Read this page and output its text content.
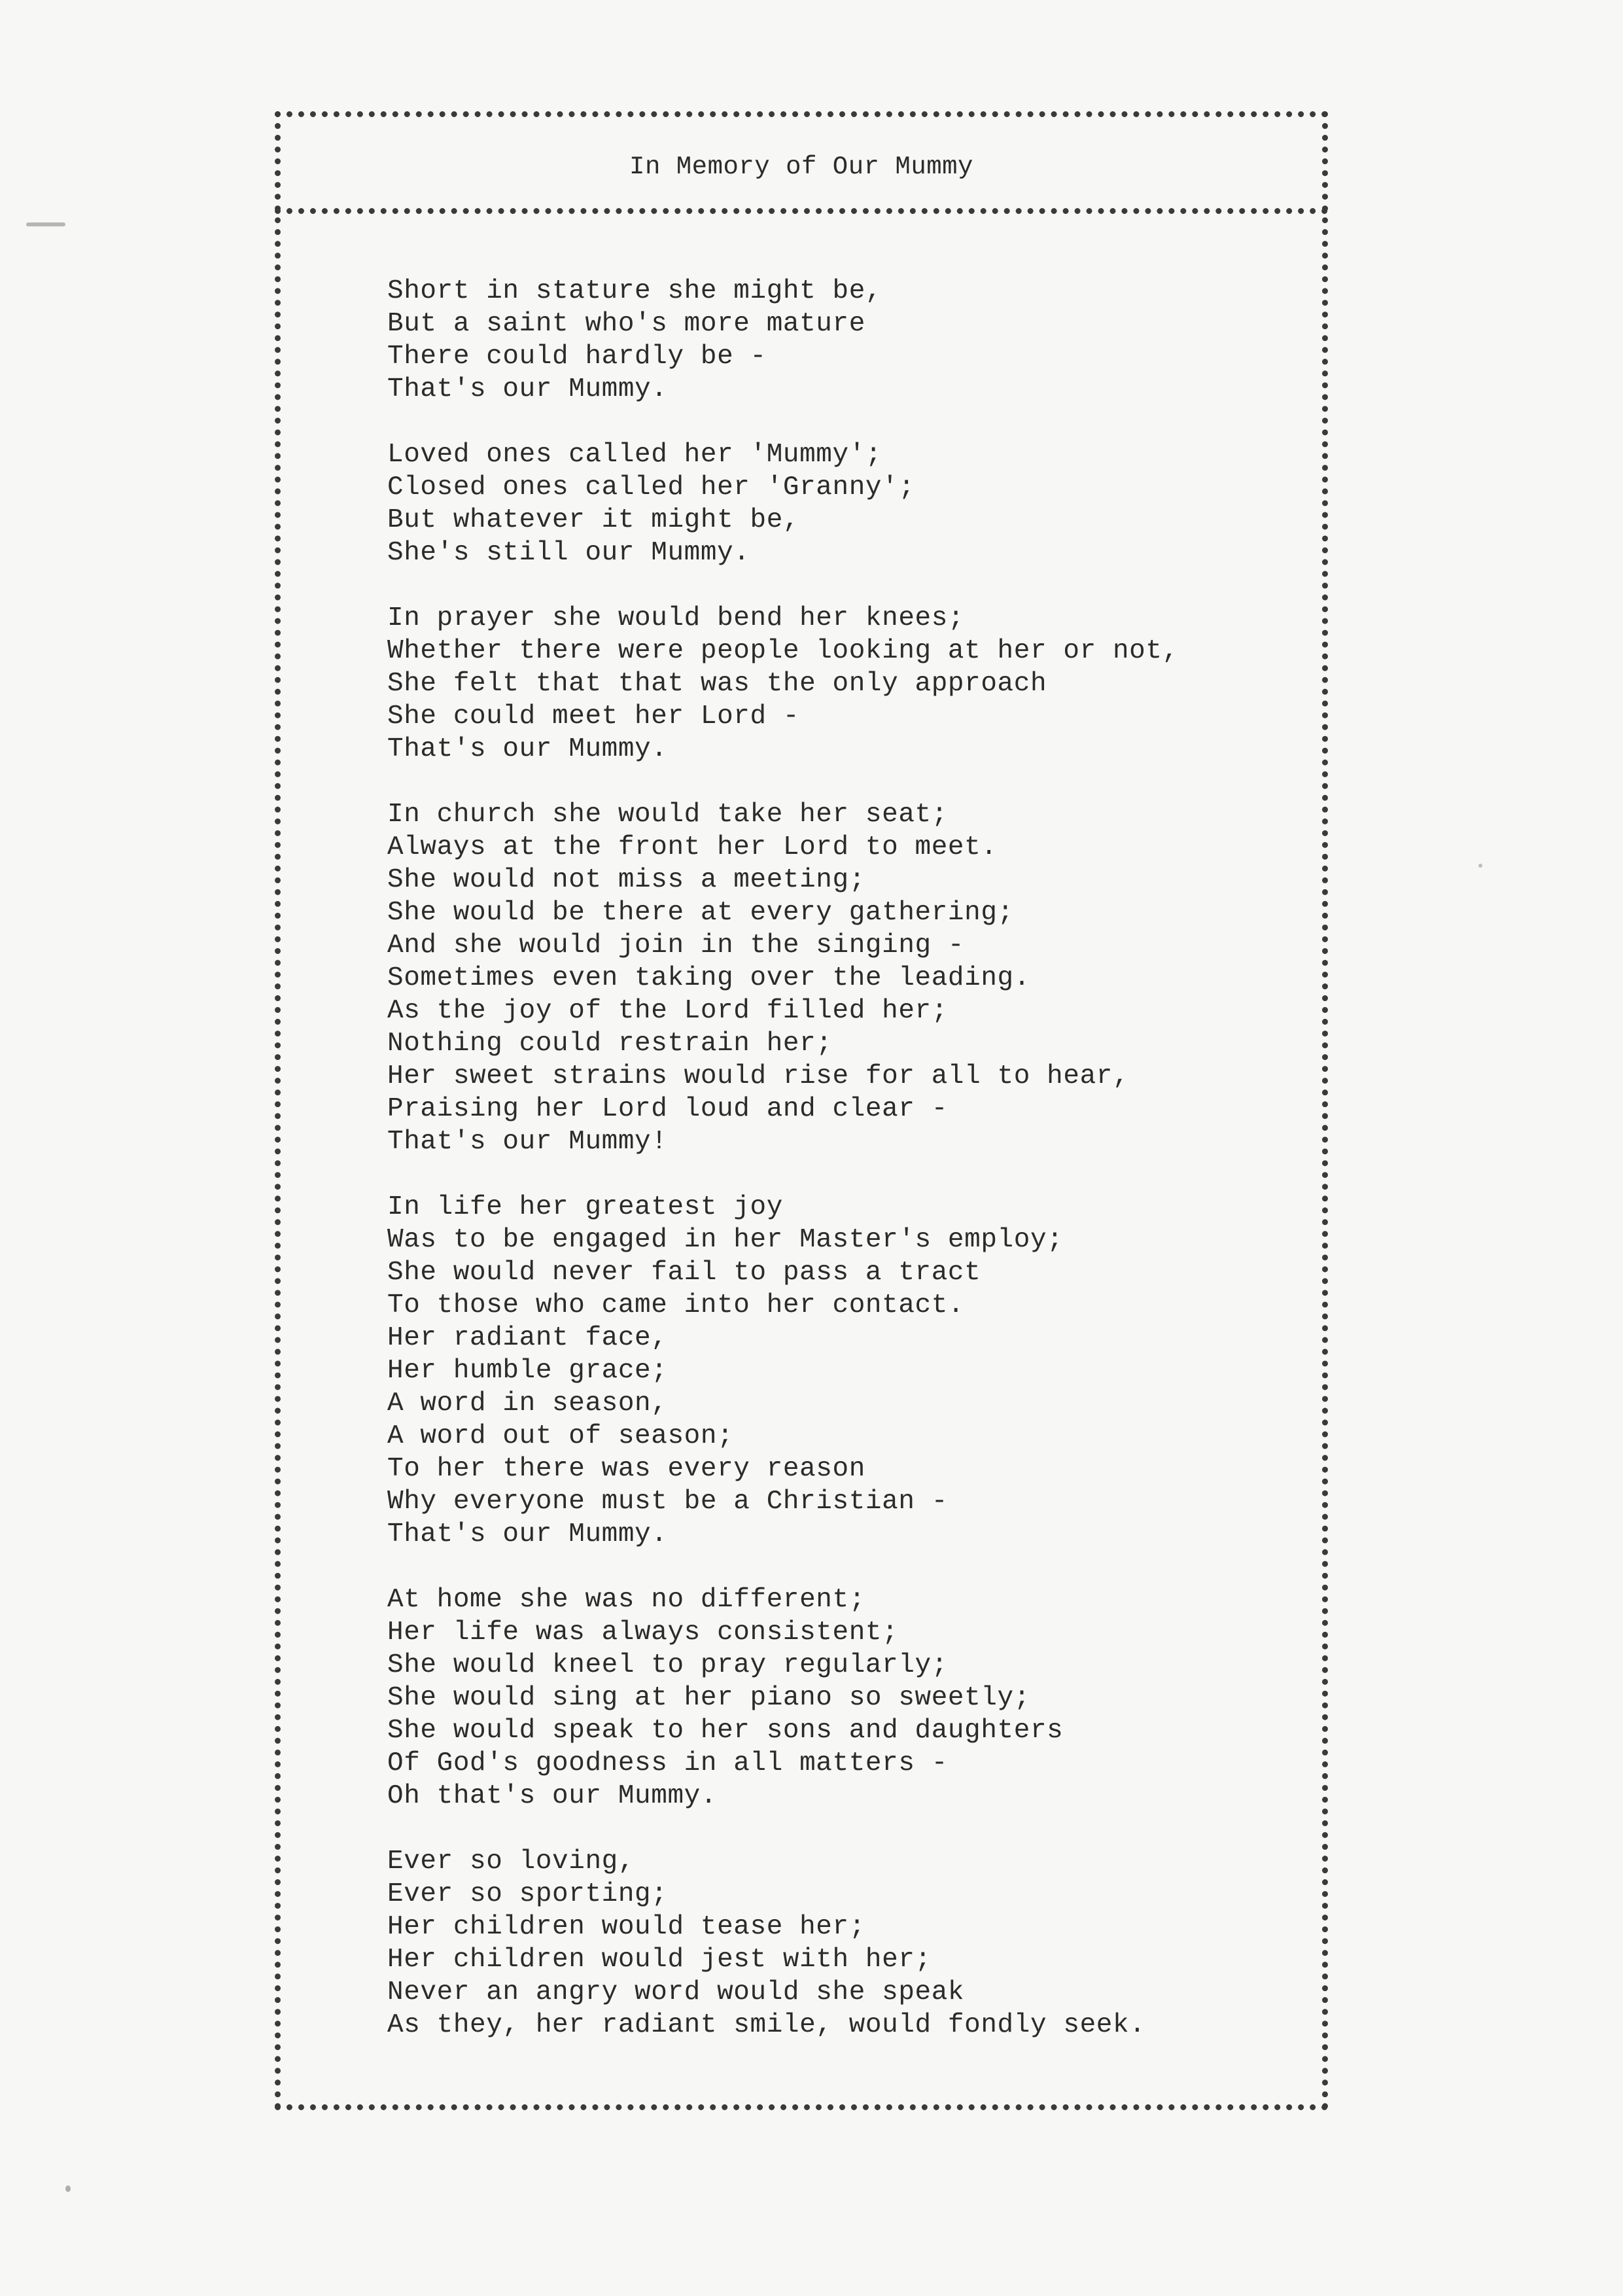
In Memory of Our Mummy
Short in stature she might be,
But a saint who's more mature
There could hardly be -
That's our Mummy.
Loved ones called her 'Mummy';
Closed ones called her 'Granny';
But whatever it might be,
She's still our Mummy.
In prayer she would bend her knees;
Whether there were people looking at her or not,
She felt that that was the only approach
She could meet her Lord -
That's our Mummy.
In church she would take her seat;
Always at the front her Lord to meet.
She would not miss a meeting;
She would be there at every gathering;
And she would join in the singing -
Sometimes even taking over the leading.
As the joy of the Lord filled her;
Nothing could restrain her;
Her sweet strains would rise for all to hear,
Praising her Lord loud and clear -
That's our Mummy!
In life her greatest joy
Was to be engaged in her Master's employ;
She would never fail to pass a tract
To those who came into her contact.
Her radiant face,
Her humble grace;
A word in season,
A word out of season;
To her there was every reason
Why everyone must be a Christian -
That's our Mummy.
At home she was no different;
Her life was always consistent;
She would kneel to pray regularly;
She would sing at her piano so sweetly;
She would speak to her sons and daughters
Of God's goodness in all matters -
Oh that's our Mummy.
Ever so loving,
Ever so sporting;
Her children would tease her;
Her children would jest with her;
Never an angry word would she speak
As they, her radiant smile, would fondly seek.
